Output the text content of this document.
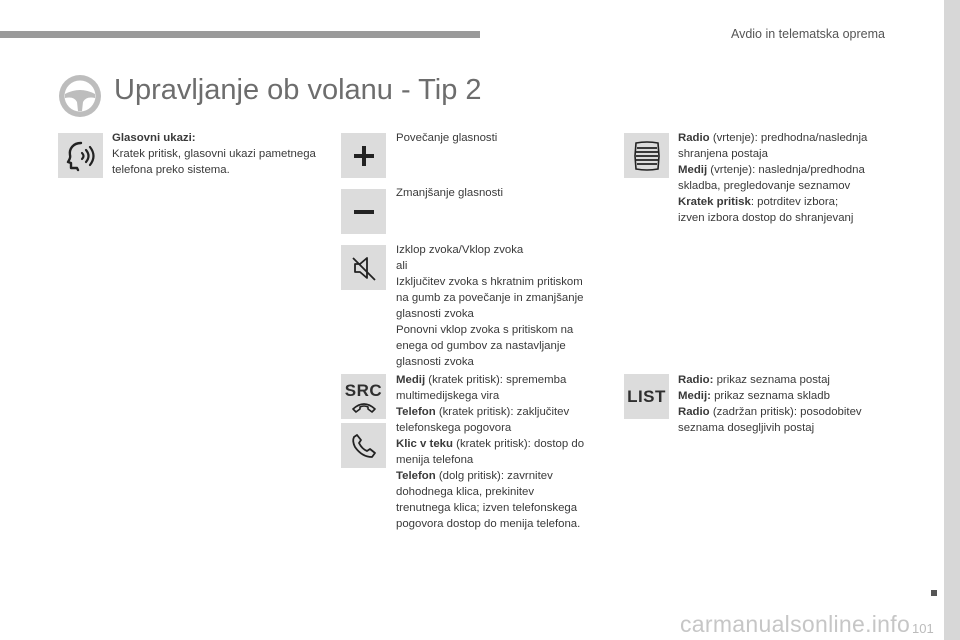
Avdio in telematska oprema
Upravljanje ob volanu - Tip 2
Glasovni ukazi:
Kratek pritisk, glasovni ukazi pametnega telefona preko sistema.
Povečanje glasnosti
Zmanjšanje glasnosti
Izklop zvoka/Vklop zvoka
ali
Izključitev zvoka s hkratnim pritiskom
na gumb za povečanje in zmanjšanje
glasnosti zvoka
Ponovni vklop zvoka s pritiskom na
enega od gumbov za nastavljanje
glasnosti zvoka
SRC
Medij (kratek pritisk): sprememba
multimedijskega vira
Telefon (kratek pritisk): zaključitev
telefonskega pogovora
Klic v teku (kratek pritisk): dostop do
menija telefona
Telefon (dolg pritisk): zavrnitev
dohodnega klica, prekinitev
trenutnega klica; izven telefonskega
pogovora dostop do menija telefona.
Radio (vrtenje): predhodna/naslednja
shranjena postaja
Medij (vrtenje): naslednja/predhodna
skladba, pregledovanje seznamov
Kratek pritisk: potrditev izbora;
izven izbora dostop do shranjevanj
LIST
Radio: prikaz seznama postaj
Medij: prikaz seznama skladb
Radio (zadržan pritisk): posodobitev
seznama dosegljivih postaj
101
carmanualsonline.info
